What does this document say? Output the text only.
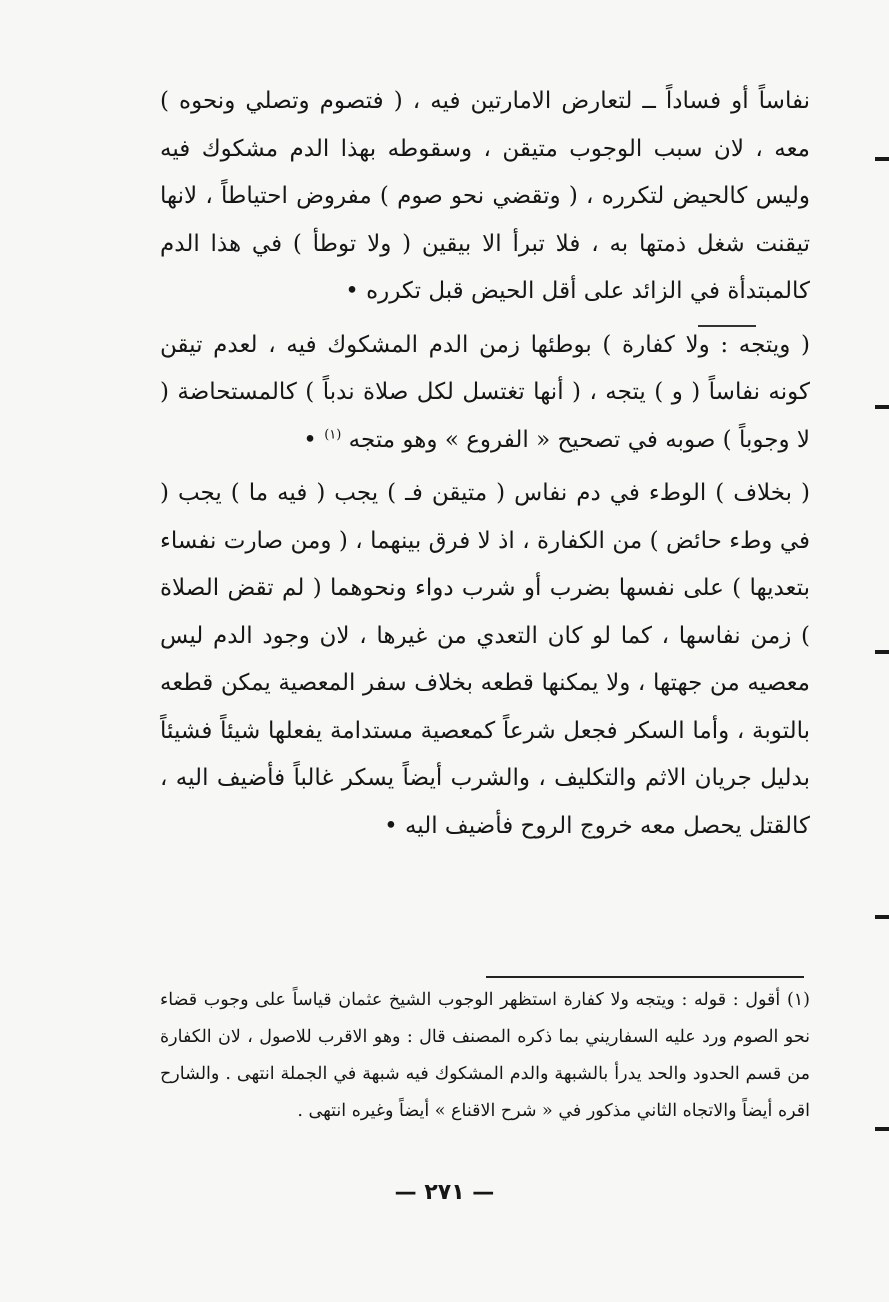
نفاساً أو فساداً ــ لتعارض الامارتين فيه ، ( فتصوم وتصلي ونحوه ) معه ، لان سبب الوجوب متيقن ، وسقوطه بهذا الدم مشكوك فيه وليس كالحيض لتكرره ، ( وتقضي نحو صوم ) مفروض احتياطاً ، لانها تيقنت شغل ذمتها به ، فلا تبرأ الا بيقين ( ولا توطأ ) في هذا الدم كالمبتدأة في الزائد على أقل الحيض قبل تكرره •

( ويتجه : ولا كفارة ) بوطئها زمن الدم المشكوك فيه ، لعدم تيقن كونه نفاساً ( و ) يتجه ، ( أنها تغتسل لكل صلاة ندباً ) كالمستحاضة ( لا وجوباً ) صوبه في تصحيح « الفروع » وهو متجه $^{(١)}$ •

( بخلاف ) الوطء في دم نفاس ( متيقن فـ ) يجب ( فيه ما ) يجب ( في وطء حائض ) من الكفارة ، اذ لا فرق بينهما ، ( ومن صارت نفساء بتعديها ) على نفسها بضرب أو شرب دواء ونحوهما ( لم تقض الصلاة ) زمن نفاسها ، كما لو كان التعدي من غيرها ، لان وجود الدم ليس معصيه من جهتها ، ولا يمكنها قطعه بخلاف سفر المعصية يمكن قطعه بالتوبة ، وأما السكر فجعل شرعاً كمعصية مستدامة يفعلها شيئاً فشيئاً بدليل جريان الاثم والتكليف ، والشرب أيضاً يسكر غالباً فأضيف اليه ، كالقتل يحصل معه خروج الروح فأضيف اليه •

(١) أقول : قوله : ويتجه ولا كفارة استظهر الوجوب الشيخ عثمان قياساً على وجوب قضاء نحو الصوم ورد عليه السفاريني بما ذكره المصنف قال : وهو الاقرب للاصول ، لان الكفارة من قسم الحدود والحد يدرأ بالشبهة والدم المشكوك فيه شبهة في الجملة انتهى . والشارح اقره أيضاً والاتجاه الثاني مذكور في « شرح الاقناع » أيضاً وغيره انتهى .

— ٢٧١ —
